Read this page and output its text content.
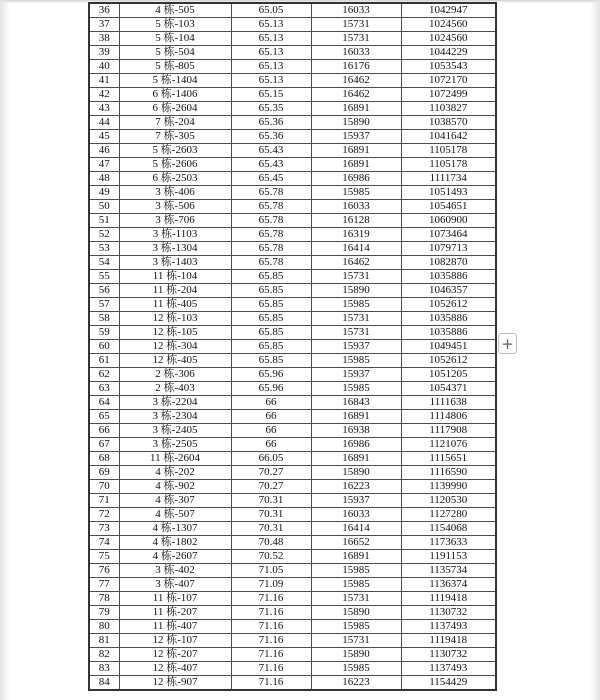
36	4 栋-505	65.05	16033	1042947
37	5 栋-103	65.13	15731	1024560
38	5 栋-104	65.13	15731	1024560
39	5 栋-504	65.13	16033	1044229
40	5 栋-805	65.13	16176	1053543
41	5 栋-1404	65.13	16462	1072170
42	6 栋-1406	65.15	16462	1072499
43	6 栋-2604	65.35	16891	1103827
44	7 栋-204	65.36	15890	1038570
45	7 栋-305	65.36	15937	1041642
46	5 栋-2603	65.43	16891	1105178
47	5 栋-2606	65.43	16891	1105178
48	6 栋-2503	65.45	16986	1111734
49	3 栋-406	65.78	15985	1051493
50	3 栋-506	65.78	16033	1054651
51	3 栋-706	65.78	16128	1060900
52	3 栋-1103	65.78	16319	1073464
53	3 栋-1304	65.78	16414	1079713
54	3 栋-1403	65.78	16462	1082870
55	11 栋-104	65.85	15731	1035886
56	11 栋-204	65.85	15890	1046357
57	11 栋-405	65.85	15985	1052612
58	12 栋-103	65.85	15731	1035886
59	12 栋-105	65.85	15731	1035886
60	12 栋-304	65.85	15937	1049451
61	12 栋-405	65.85	15985	1052612
62	2 栋-306	65.96	15937	1051205
63	2 栋-403	65.96	15985	1054371
64	3 栋-2204	66	16843	1111638
65	3 栋-2304	66	16891	1114806
66	3 栋-2405	66	16938	1117908
67	3 栋-2505	66	16986	1121076
68	11 栋-2604	66.05	16891	1115651
69	4 栋-202	70.27	15890	1116590
70	4 栋-902	70.27	16223	1139990
71	4 栋-307	70.31	15937	1120530
72	4 栋-507	70.31	16033	1127280
73	4 栋-1307	70.31	16414	1154068
74	4 栋-1802	70.48	16652	1173633
75	4 栋-2607	70.52	16891	1191153
76	3 栋-402	71.05	15985	1135734
77	3 栋-407	71.09	15985	1136374
78	11 栋-107	71.16	15731	1119418
79	11 栋-207	71.16	15890	1130732
80	11 栋-407	71.16	15985	1137493
81	12 栋-107	71.16	15731	1119418
82	12 栋-207	71.16	15890	1130732
83	12 栋-407	71.16	15985	1137493
84	12 栋-907	71.16	16223	1154429
+
